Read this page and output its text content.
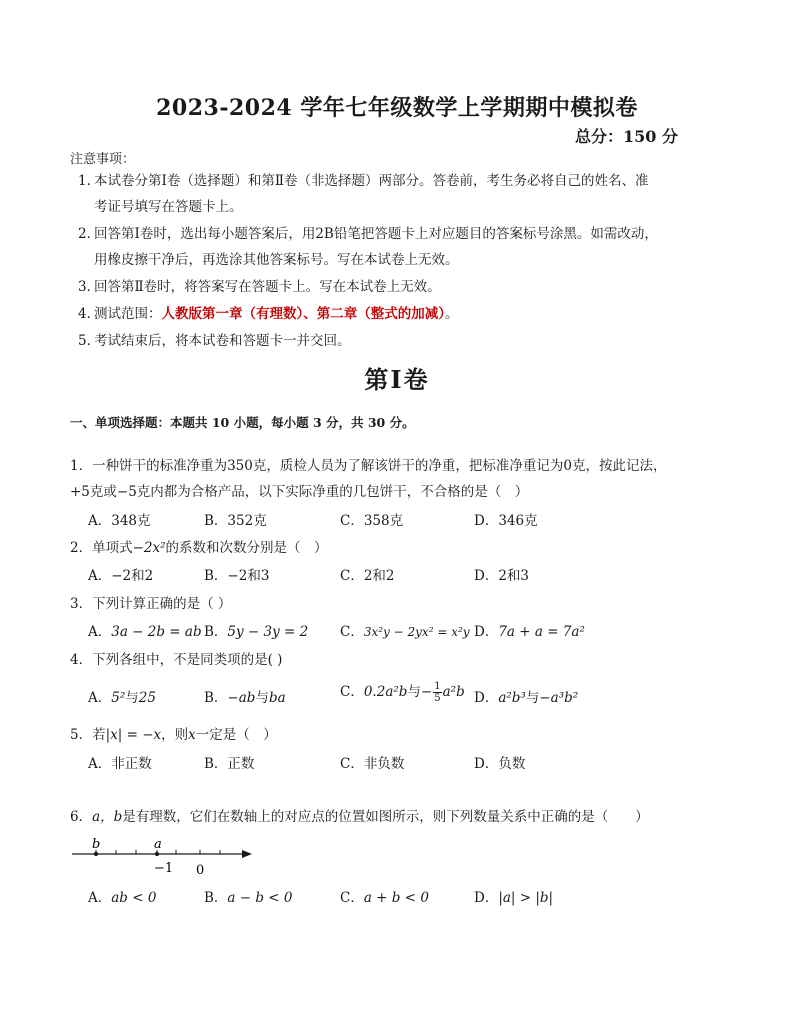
2023-2024 学年七年级数学上学期期中模拟卷
总分：150 分
注意事项：
1．本试卷分第Ⅰ卷（选择题）和第Ⅱ卷（非选择题）两部分。答卷前，考生务必将自己的姓名、准
考证号填写在答题卡上。
2．回答第Ⅰ卷时，选出每小题答案后，用2B铅笔把答题卡上对应题目的答案标号涂黑。如需改动，
用橡皮擦干净后，再选涂其他答案标号。写在本试卷上无效。
3．回答第Ⅱ卷时，将答案写在答题卡上。写在本试卷上无效。
4．测试范围：人教版第一章（有理数）、第二章（整式的加减）。
5．考试结束后，将本试卷和答题卡一并交回。
第Ⅰ卷
一、单项选择题：本题共 10 小题，每小题 3 分，共 30 分。
1．一种饼干的标准净重为350克，质检人员为了解该饼干的净重，把标准净重记为0克，按此记法，
+5克或−5克内都为合格产品，以下实际净重的几包饼干，不合格的是（　）
A．348克	B．352克	C．358克	D．346克
2．单项式−2x²的系数和次数分别是（　）
A．−2和2	B．−2和3	C．2和2	D．2和3
3．下列计算正确的是（ ）
A．3a − 2b = ab B．5y − 3y = 2 C．3x²y − 2yx² = x²y D．7a + a = 7a²
4．下列各组中，不是同类项的是( )
A．5²与25	B．−ab与ba	C．0.2a²b与− $\frac{1}{5} a^2b$ D．a²b³与−a³b²
5．若|x| = −x，则x一定是（　）
A．非正数	B．正数	C．非负数	D．负数
6．a，b是有理数，它们在数轴上的对应点的位置如图所示，则下列数量关系中正确的是（　　）
b	a
−1 0
A．ab < 0	B．a − b < 0	C．a + b < 0	D．|a| > |b|
